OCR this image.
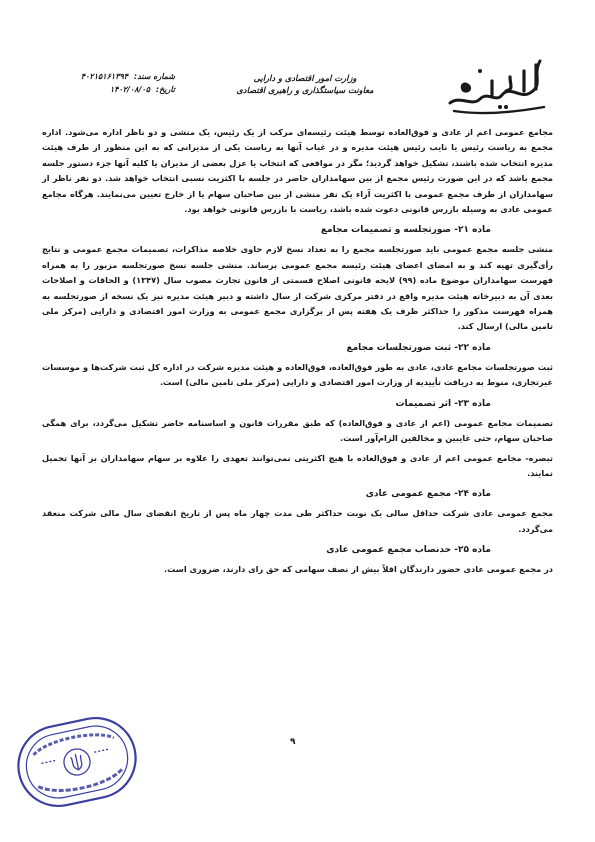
وزارت امور اقتصادی و دارایی
معاونت سیاستگذاری و راهبری اقتصادی
شماره سند: ۴۰۲۱۵۱۶۱۳۹۴
تاریخ: ۱۴۰۲/۰۸/۰۵

مجامع عمومی اعم از عادی و فوق‌العاده توسط هیئت رئیسه‌ای مرکب از یک رئیس، یک منشی و دو ناظر اداره می‌شود. اداره مجمع به ریاست رئیس یا نایب رئیس هیئت مدیره و در غیاب آنها به ریاست یکی از مدیرانی که به این منظور از طرف هیئت مدیره انتخاب شده باشند، تشکیل خواهد گردید؛ مگر در مواقعی که انتخاب یا عزل بعضی از مدیران یا کلیه آنها جزء دستور جلسه مجمع باشد که در این صورت رئیس مجمع از بین سهامداران حاضر در جلسه با اکثریت نسبی انتخاب خواهد شد. دو نفر ناظر از سهامداران از طرف مجمع عمومی با اکثریت آراء یک نفر منشی از بین صاحبان سهام یا از خارج تعیین می‌نمایند. هرگاه مجامع عمومی عادی به وسیله بازرس قانونی دعوت شده باشد، ریاست با بازرس قانونی خواهد بود.

ماده ۲۱- صورتجلسه و تصمیمات مجامع

منشی جلسه مجمع عمومی باید صورتجلسه مجمع را به تعداد نسخ لازم حاوی خلاصه مذاکرات، تصمیمات مجمع عمومی و نتایج رأی‌گیری تهیه کند و به امضای اعضای هیئت رئیسه مجمع عمومی برساند. منشی جلسه نسخ صورتجلسه مزبور را به همراه فهرست سهامداران موضوع ماده (۹۹) لایحه قانونی اصلاح قسمتی از قانون تجارت مصوب سال (۱۳۴۷) و الحاقات و اصلاحات بعدی آن به دبیرخانه هیئت مدیره واقع در دفتر مرکزی شرکت از سال داشته و دبیر هیئت مدیره نیز یک نسخه از صورتجلسه به همراه فهرست مذکور را حداکثر ظرف یک هفته پس از برگزاری مجمع عمومی به وزارت امور اقتصادی و دارایی (مرکز ملی تامین مالی) ارسال کند.

ماده ۲۲- ثبت صورتجلسات مجامع

ثبت صورتجلسات مجامع عادی، عادی به طور فوق‌العاده، فوق‌العاده و هیئت مدیره شرکت در اداره کل ثبت شرکت‌ها و موسسات غیرتجاری، منوط به دریافت تأییدیه از وزارت امور اقتصادی و دارایی (مرکز ملی تامین مالی) است.

ماده ۲۳- اثر تصمیمات

تصمیمات مجامع عمومی (اعم از عادی و فوق‌العاده) که طبق مقررات قانون و اساسنامه حاضر تشکیل می‌گردد، برای همگی صاحبان سهام، حتی غایبین و مخالفین الزام‌آور است.

تبصره- مجامع عمومی اعم از عادی و فوق‌العاده با هیچ اکثریتی نمی‌توانند تعهدی را علاوه بر سهام سهامداران بر آنها تحمیل نمایند.

ماده ۲۴- مجمع عمومی عادی

مجمع عمومی عادی شرکت حداقل سالی یک نوبت حداکثر طی مدت چهار ماه پس از تاریخ انقضای سال مالی شرکت منعقد می‌گردد.

ماده ۲۵- حدنصاب مجمع عمومی عادی

در مجمع عمومی عادی حضور دارندگان اقلاً بیش از نصف سهامی که حق رای دارند، ضروری است.

۹
